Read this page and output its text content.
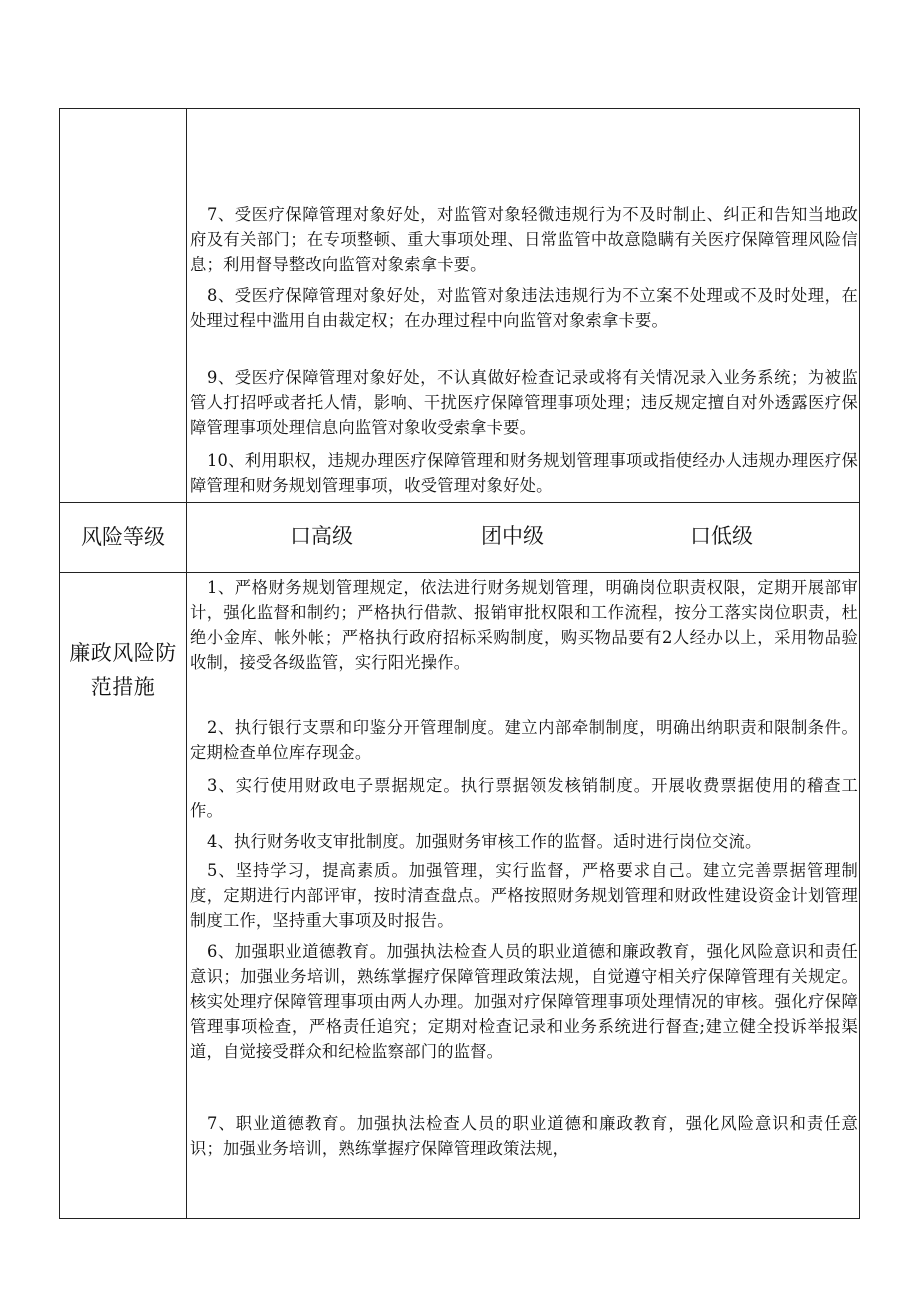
7、受医疗保障管理对象好处，对监管对象轻微违规行为不及时制止、纠正和告知当地政府及有关部门；在专项整顿、重大事项处理、日常监管中故意隐瞒有关医疗保障管理风险信息；利用督导整改向监管对象索拿卡要。

8、受医疗保障管理对象好处，对监管对象违法违规行为不立案不处理或不及时处理，在处理过程中滥用自由裁定权；在办理过程中向监管对象索拿卡要。

9、受医疗保障管理对象好处，不认真做好检查记录或将有关情况录入业务系统；为被监管人打招呼或者托人情，影响、干扰医疗保障管理事项处理；违反规定擅自对外透露医疗保障管理事项处理信息向监管对象收受索拿卡要。

10、利用职权，违规办理医疗保障管理和财务规划管理事项或指使经办人违规办理医疗保障管理和财务规划管理事项，收受管理对象好处。

风险等级	口高级	团中级	口低级
廉政风险防
范措施

1、严格财务规划管理规定，依法进行财务规划管理，明确岗位职责权限，定期开展部审计，强化监督和制约；严格执行借款、报销审批权限和工作流程，按分工落实岗位职责，杜绝小金库、帐外帐；严格执行政府招标采购制度，购买物品要有2人经办以上，采用物品验收制，接受各级监管，实行阳光操作。

2、执行银行支票和印鉴分开管理制度。建立内部牵制制度，明确出纳职责和限制条件。定期检查单位库存现金。

3、实行使用财政电子票据规定。执行票据领发核销制度。开展收费票据使用的稽查工作。

4、执行财务收支审批制度。加强财务审核工作的监督。适时进行岗位交流。

5、坚持学习，提高素质。加强管理，实行监督，严格要求自己。建立完善票据管理制度，定期进行内部评审，按时清查盘点。严格按照财务规划管理和财政性建设资金计划管理制度工作，坚持重大事项及时报告。

6、加强职业道德教育。加强执法检查人员的职业道德和廉政教育，强化风险意识和责任意识；加强业务培训，熟练掌握疗保障管理政策法规，自觉遵守相关疗保障管理有关规定。核实处理疗保障管理事项由两人办理。加强对疗保障管理事项处理情况的审核。强化疗保障管理事项检查，严格责任追究；定期对检查记录和业务系统进行督查;建立健全投诉举报渠道，自觉接受群众和纪检监察部门的监督。

7、职业道德教育。加强执法检查人员的职业道德和廉政教育，强化风险意识和责任意识；加强业务培训，熟练掌握疗保障管理政策法规，
